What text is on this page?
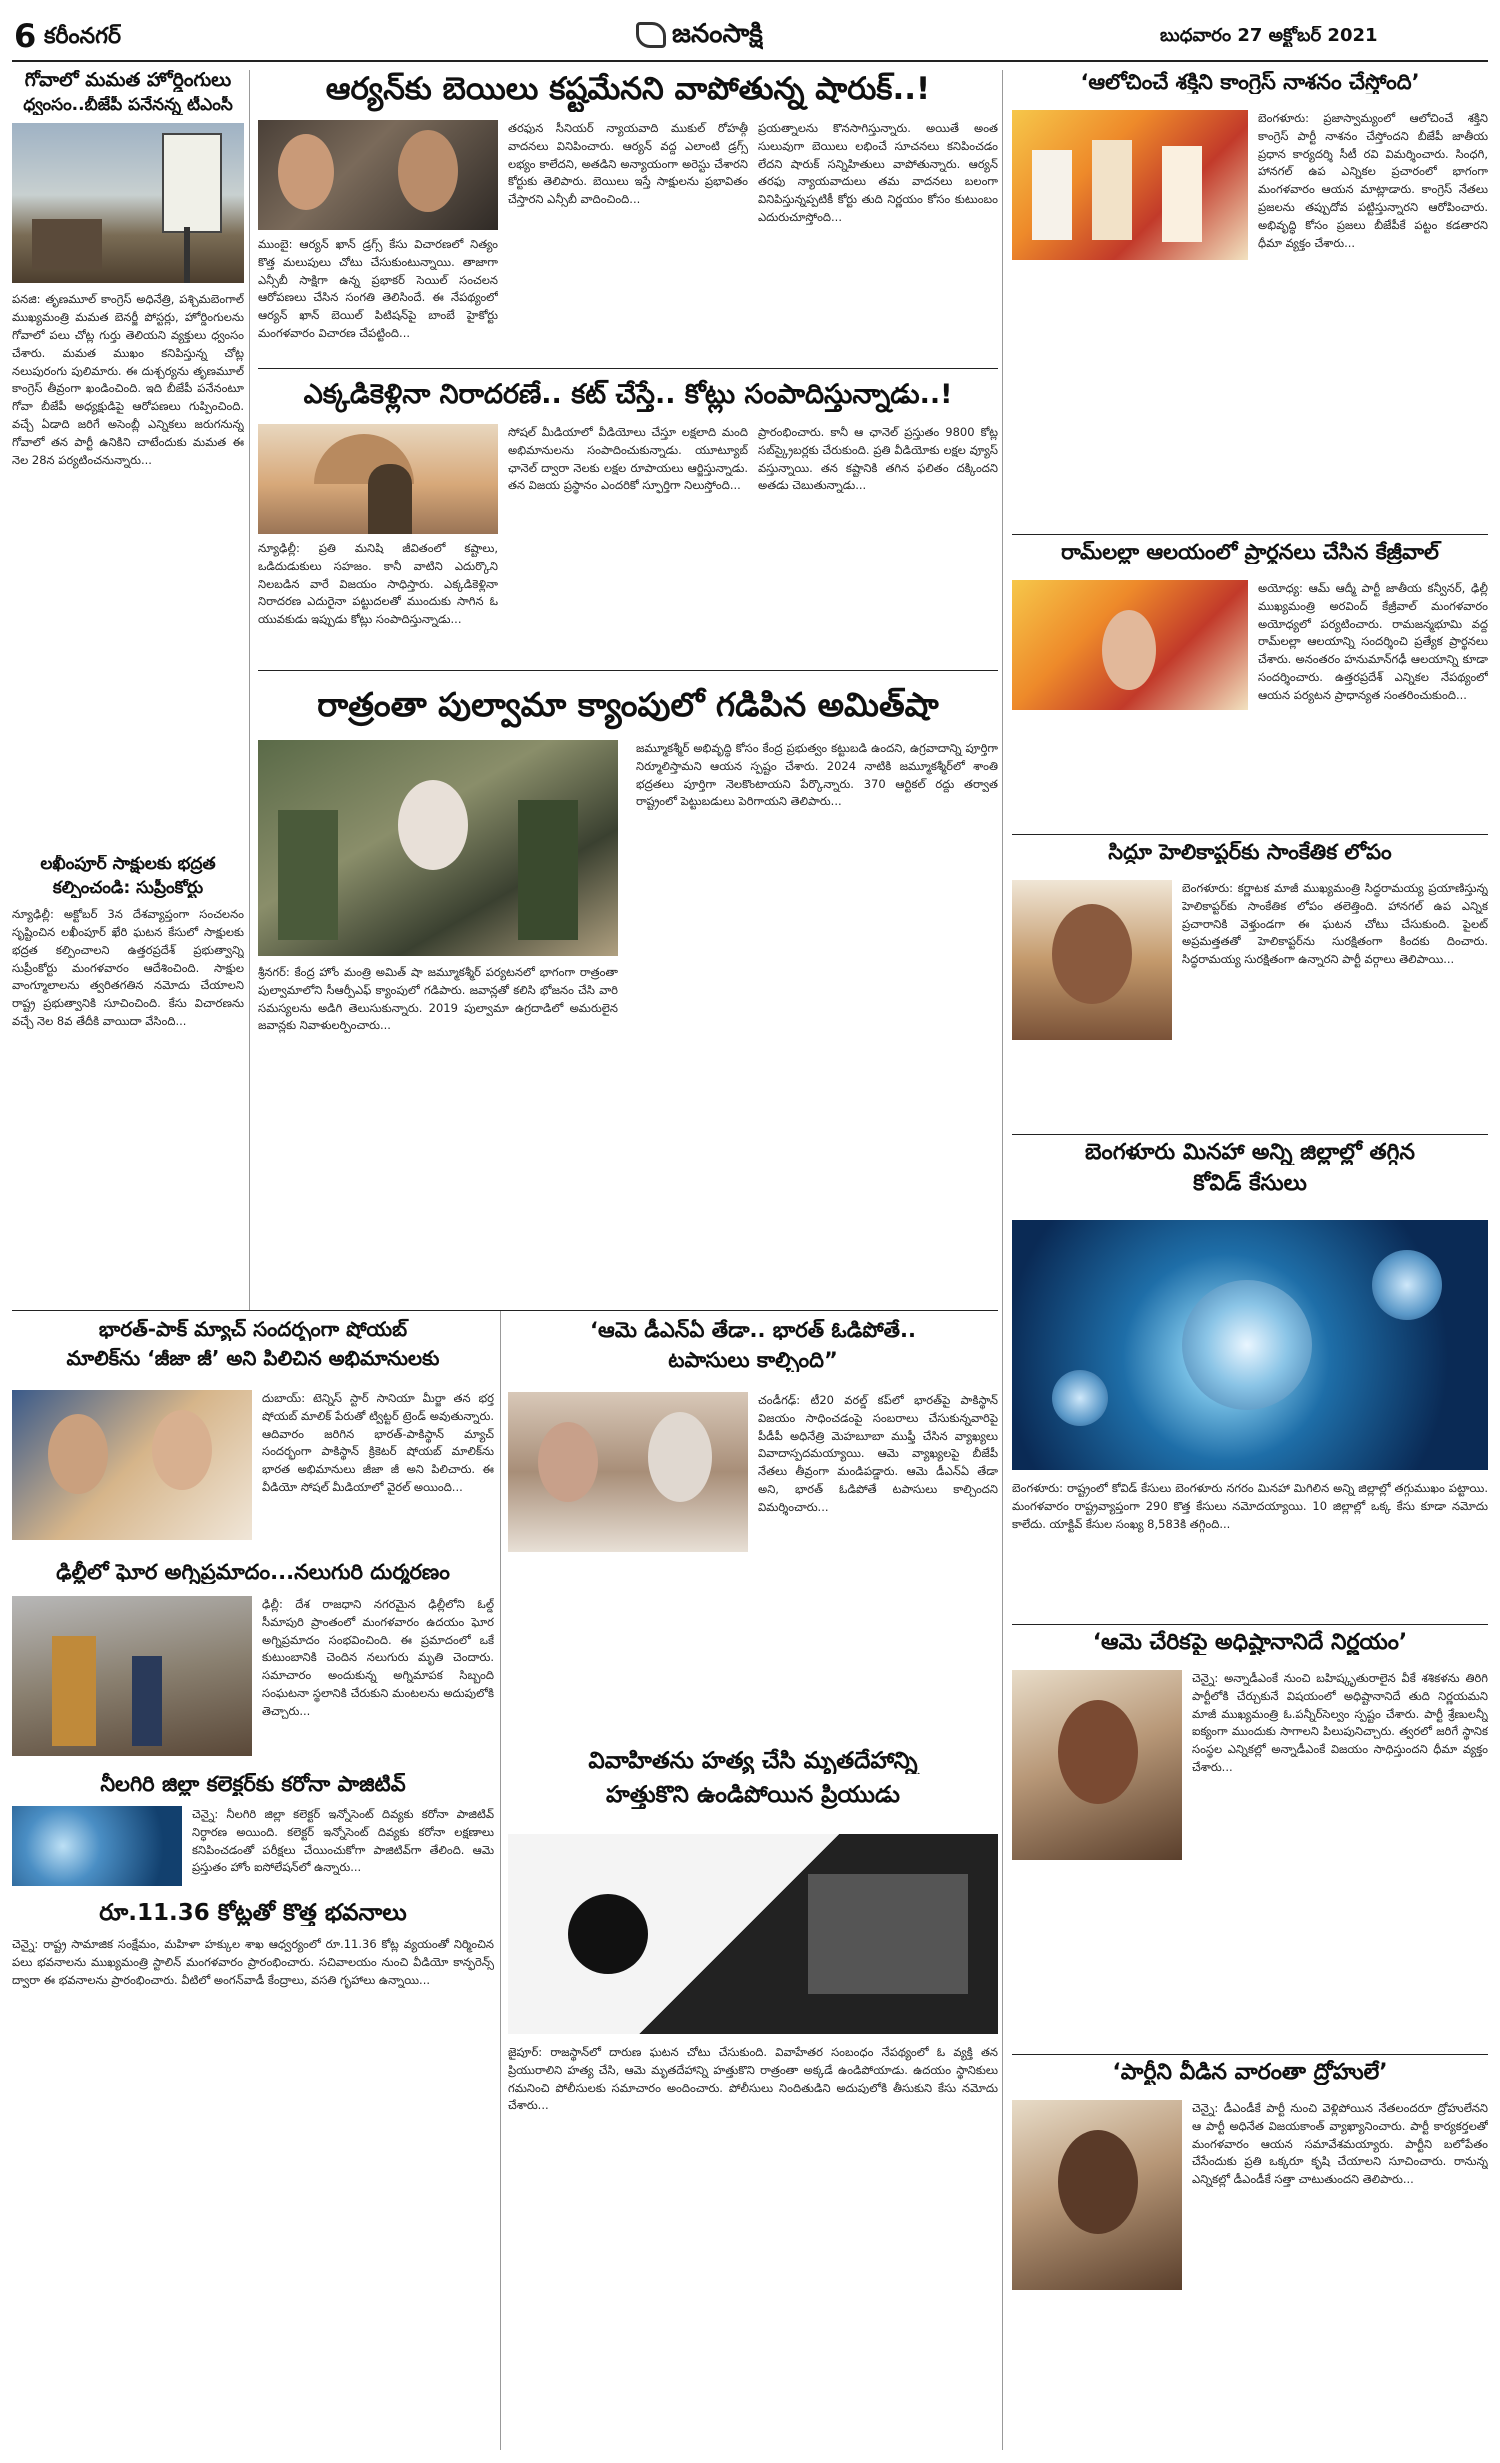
6 కరీంనగర్	జనంసాక్షి	బుధవారం 27 అక్టోబర్ 2021
గోవాలో మమత హోర్డింగులు
ధ్వంసం..బీజేపీ పనేనన్న టీఎంసీ
పనజి: తృణమూల్ కాంగ్రెస్ అధినేత్రి, పశ్చిమబెంగాల్ ముఖ్యమంత్రి మమత బెనర్జీ పోస్టర్లు, హోర్డింగులను గోవాలో పలు చోట్ల గుర్తు తెలియని వ్యక్తులు ధ్వంసం చేశారు. మమత ముఖం కనిపిస్తున్న చోట్ల నలుపురంగు పులిమారు. ఈ దుశ్చర్యను తృణమూల్ కాంగ్రెస్ తీవ్రంగా ఖండించింది. ఇది బీజేపీ పనేనంటూ గోవా బీజేపీ అధ్యక్షుడిపై ఆరోపణలు గుప్పించింది. వచ్చే ఏడాది జరిగే అసెంబ్లీ ఎన్నికలు జరుగనున్న గోవాలో తన పార్టీ ఉనికిని చాటేందుకు మమత ఈ నెల 28న పర్యటించనున్నారు...
లఖీంపూర్ సాక్షులకు భద్రత
కల్పించండి: సుప్రీంకోర్టు
న్యూఢిల్లీ: అక్టోబర్ 3న దేశవ్యాప్తంగా సంచలనం సృష్టించిన లఖీంపూర్ ఖేరి ఘటన కేసులో సాక్షులకు భద్రత కల్పించాలని ఉత్తరప్రదేశ్ ప్రభుత్వాన్ని సుప్రీంకోర్టు మంగళవారం ఆదేశించింది. సాక్షుల వాంగ్మూలాలను త్వరితగతిన నమోదు చేయాలని రాష్ట్ర ప్రభుత్వానికి సూచించింది. కేసు విచారణను వచ్చే నెల 8వ తేదీకి వాయిదా వేసింది...
ఆర్యన్‌కు బెయిలు కష్టమేనని వాపోతున్న షారుక్..!
ముంబై: ఆర్యన్ ఖాన్ డ్రగ్స్ కేసు విచారణలో నిత్యం కొత్త మలుపులు చోటు చేసుకుంటున్నాయి. తాజాగా ఎన్సీబీ సాక్షిగా ఉన్న ప్రభాకర్ సెయిల్ సంచలన ఆరోపణలు చేసిన సంగతి తెలిసిందే. ఈ నేపథ్యంలో ఆర్యన్ ఖాన్ బెయిల్ పిటిషన్‌పై బాంబే హైకోర్టు మంగళవారం విచారణ చేపట్టింది...
తరఫున సీనియర్ న్యాయవాది ముకుల్ రోహత్గీ వాదనలు వినిపించారు. ఆర్యన్ వద్ద ఎలాంటి డ్రగ్స్ లభ్యం కాలేదని, అతడిని అన్యాయంగా అరెస్టు చేశారని కోర్టుకు తెలిపారు. బెయిలు ఇస్తే సాక్షులను ప్రభావితం చేస్తారని ఎన్సీబీ వాదించింది...
ప్రయత్నాలను కొనసాగిస్తున్నారు. అయితే అంత సులువుగా బెయిలు లభించే సూచనలు కనిపించడం లేదని షారుక్ సన్నిహితులు వాపోతున్నారు. ఆర్యన్ తరఫు న్యాయవాదులు తమ వాదనలు బలంగా వినిపిస్తున్నప్పటికీ కోర్టు తుది నిర్ణయం కోసం కుటుంబం ఎదురుచూస్తోంది...
ఎక్కడికెళ్లినా నిరాదరణే.. కట్ చేస్తే.. కోట్లు సంపాదిస్తున్నాడు..!
న్యూఢిల్లీ: ప్రతి మనిషి జీవితంలో కష్టాలు, ఒడిదుడుకులు సహజం. కానీ వాటిని ఎదుర్కొని నిలబడిన వారే విజయం సాధిస్తారు. ఎక్కడికెళ్లినా నిరాదరణ ఎదురైనా పట్టుదలతో ముందుకు సాగిన ఓ యువకుడు ఇప్పుడు కోట్లు సంపాదిస్తున్నాడు...
సోషల్ మీడియాలో వీడియోలు చేస్తూ లక్షలాది మంది అభిమానులను సంపాదించుకున్నాడు. యూట్యూబ్ ఛానెల్ ద్వారా నెలకు లక్షల రూపాయలు ఆర్జిస్తున్నాడు. తన విజయ ప్రస్థానం ఎందరికో స్ఫూర్తిగా నిలుస్తోంది...
ప్రారంభించారు. కానీ ఆ ఛానెల్ ప్రస్తుతం 9800 కోట్ల సబ్‌స్క్రైబర్లకు చేరుకుంది. ప్రతి వీడియోకు లక్షల వ్యూస్ వస్తున్నాయి. తన కష్టానికి తగిన ఫలితం దక్కిందని అతడు చెబుతున్నాడు...
రాత్రంతా పుల్వామా క్యాంపులో గడిపిన అమిత్‌షా
శ్రీనగర్: కేంద్ర హోం మంత్రి అమిత్ షా జమ్మూకశ్మీర్ పర్యటనలో భాగంగా రాత్రంతా పుల్వామాలోని సీఆర్పీఎఫ్ క్యాంపులో గడిపారు. జవాన్లతో కలిసి భోజనం చేసి వారి సమస్యలను అడిగి తెలుసుకున్నారు. 2019 పుల్వామా ఉగ్రదాడిలో అమరులైన జవాన్లకు నివాళులర్పించారు...
జమ్మూకశ్మీర్ అభివృద్ధి కోసం కేంద్ర ప్రభుత్వం కట్టుబడి ఉందని, ఉగ్రవాదాన్ని పూర్తిగా నిర్మూలిస్తామని ఆయన స్పష్టం చేశారు. 2024 నాటికి జమ్మూకశ్మీర్‌లో శాంతి భద్రతలు పూర్తిగా నెలకొంటాయని పేర్కొన్నారు. 370 ఆర్టికల్ రద్దు తర్వాత రాష్ట్రంలో పెట్టుబడులు పెరిగాయని తెలిపారు...
భారత్-పాక్ మ్యాచ్ సందర్భంగా షోయబ్
మాలిక్‌ను ‘జీజా జీ’ అని పిలిచిన అభిమానులకు
దుబాయ్: టెన్నిస్ స్టార్ సానియా మీర్జా తన భర్త షోయబ్ మాలిక్ పేరుతో ట్విట్టర్ ట్రెండ్ అవుతున్నారు. ఆదివారం జరిగిన భారత్-పాకిస్థాన్ మ్యాచ్ సందర్భంగా పాకిస్థాన్ క్రికెటర్ షోయబ్ మాలిక్‌ను భారత అభిమానులు జీజా జీ అని పిలిచారు. ఈ వీడియో సోషల్ మీడియాలో వైరల్ అయింది...
ఢిల్లీలో ఘోర అగ్నిప్రమాదం...నలుగురి దుర్మరణం
ఢిల్లీ: దేశ రాజధాని నగరమైన ఢిల్లీలోని ఓల్డ్ సీమాపురి ప్రాంతంలో మంగళవారం ఉదయం ఘోర అగ్నిప్రమాదం సంభవించింది. ఈ ప్రమాదంలో ఒకే కుటుంబానికి చెందిన నలుగురు మృతి చెందారు. సమాచారం అందుకున్న అగ్నిమాపక సిబ్బంది సంఘటనా స్థలానికి చేరుకుని మంటలను అదుపులోకి తెచ్చారు...
నీలగిరి జిల్లా కలెక్టర్‌కు కరోనా పాజిటివ్
చెన్నై: నీలగిరి జిల్లా కలెక్టర్ ఇన్నోసెంట్ దివ్యకు కరోనా పాజిటివ్ నిర్ధారణ అయింది. కలెక్టర్ ఇన్నోసెంట్ దివ్యకు కరోనా లక్షణాలు కనిపించడంతో పరీక్షలు చేయించుకోగా పాజిటివ్‌గా తేలింది. ఆమె ప్రస్తుతం హోం ఐసోలేషన్‌లో ఉన్నారు...
రూ.11.36 కోట్లతో కొత్త భవనాలు
చెన్నై: రాష్ట్ర సామాజిక సంక్షేమం, మహిళా హక్కుల శాఖ ఆధ్వర్యంలో రూ.11.36 కోట్ల వ్యయంతో నిర్మించిన పలు భవనాలను ముఖ్యమంత్రి స్టాలిన్ మంగళవారం ప్రారంభించారు. సచివాలయం నుంచి వీడియో కాన్ఫరెన్స్ ద్వారా ఈ భవనాలను ప్రారంభించారు. వీటిలో అంగన్‌వాడీ కేంద్రాలు, వసతి గృహాలు ఉన్నాయి...
‘ఆమె డీఎన్ఏ తేడా.. భారత్ ఓడిపోతే..
టపాసులు కాల్చింది”
చండీగఢ్: టీ20 వరల్డ్ కప్‌లో భారత్‌పై పాకిస్థాన్ విజయం సాధించడంపై సంబరాలు చేసుకున్నవారిపై పీడీపీ అధినేత్రి మెహబూబా ముఫ్తీ చేసిన వ్యాఖ్యలు వివాదాస్పదమయ్యాయి. ఆమె వ్యాఖ్యలపై బీజేపీ నేతలు తీవ్రంగా మండిపడ్డారు. ఆమె డీఎన్ఏ తేడా అని, భారత్ ఓడిపోతే టపాసులు కాల్చిందని విమర్శించారు...
వివాహితను హత్య చేసి మృతదేహాన్ని
హత్తుకొని ఉండిపోయిన ప్రియుడు
జైపూర్: రాజస్థాన్‌లో దారుణ ఘటన చోటు చేసుకుంది. వివాహేతర సంబంధం నేపథ్యంలో ఓ వ్యక్తి తన ప్రియురాలిని హత్య చేసి, ఆమె మృతదేహాన్ని హత్తుకొని రాత్రంతా అక్కడే ఉండిపోయాడు. ఉదయం స్థానికులు గమనించి పోలీసులకు సమాచారం అందించారు. పోలీసులు నిందితుడిని అదుపులోకి తీసుకుని కేసు నమోదు చేశారు...
‘ఆలోచించే శక్తిని కాంగ్రెస్ నాశనం చేస్తోంది’
బెంగళూరు: ప్రజాస్వామ్యంలో ఆలోచించే శక్తిని కాంగ్రెస్ పార్టీ నాశనం చేస్తోందని బీజేపీ జాతీయ ప్రధాన కార్యదర్శి సీటీ రవి విమర్శించారు. సింధగి, హానగల్ ఉప ఎన్నికల ప్రచారంలో భాగంగా మంగళవారం ఆయన మాట్లాడారు. కాంగ్రెస్ నేతలు ప్రజలను తప్పుదోవ పట్టిస్తున్నారని ఆరోపించారు. అభివృద్ధి కోసం ప్రజలు బీజేపీకే పట్టం కడతారని ధీమా వ్యక్తం చేశారు...
రామ్‌లల్లా ఆలయంలో ప్రార్థనలు చేసిన కేజ్రీవాల్
అయోధ్య: ఆమ్ ఆద్మీ పార్టీ జాతీయ కన్వీనర్, ఢిల్లీ ముఖ్యమంత్రి అరవింద్ కేజ్రీవాల్ మంగళవారం అయోధ్యలో పర్యటించారు. రామజన్మభూమి వద్ద రామ్‌లల్లా ఆలయాన్ని సందర్శించి ప్రత్యేక ప్రార్థనలు చేశారు. అనంతరం హనుమాన్‌గఢీ ఆలయాన్ని కూడా సందర్శించారు. ఉత్తరప్రదేశ్ ఎన్నికల నేపథ్యంలో ఆయన పర్యటన ప్రాధాన్యత సంతరించుకుంది...
సిద్దూ హెలికాప్టర్‌కు సాంకేతిక లోపం
బెంగళూరు: కర్ణాటక మాజీ ముఖ్యమంత్రి సిద్ధరామయ్య ప్రయాణిస్తున్న హెలికాప్టర్‌కు సాంకేతిక లోపం తలెత్తింది. హానగల్ ఉప ఎన్నిక ప్రచారానికి వెళ్తుండగా ఈ ఘటన చోటు చేసుకుంది. పైలట్ అప్రమత్తతతో హెలికాప్టర్‌ను సురక్షితంగా కిందకు దించారు. సిద్ధరామయ్య సురక్షితంగా ఉన్నారని పార్టీ వర్గాలు తెలిపాయి...
బెంగళూరు మినహా అన్ని జిల్లాల్లో తగ్గిన
కోవిడ్ కేసులు
బెంగళూరు: రాష్ట్రంలో కోవిడ్ కేసులు బెంగళూరు నగరం మినహా మిగిలిన అన్ని జిల్లాల్లో తగ్గుముఖం పట్టాయి. మంగళవారం రాష్ట్రవ్యాప్తంగా 290 కొత్త కేసులు నమోదయ్యాయి. 10 జిల్లాల్లో ఒక్క కేసు కూడా నమోదు కాలేదు. యాక్టివ్ కేసుల సంఖ్య 8,583కి తగ్గింది...
‘ఆమె చేరికపై అధిష్టానానిదే నిర్ణయం’
చెన్నై: అన్నాడీఎంకే నుంచి బహిష్కృతురాలైన వీకే శశికళను తిరిగి పార్టీలోకి చేర్చుకునే విషయంలో అధిష్టానానిదే తుది నిర్ణయమని మాజీ ముఖ్యమంత్రి ఓ.పన్నీర్‌సెల్వం స్పష్టం చేశారు. పార్టీ శ్రేణులన్నీ ఐక్యంగా ముందుకు సాగాలని పిలుపునిచ్చారు. త్వరలో జరిగే స్థానిక సంస్థల ఎన్నికల్లో అన్నాడీఎంకే విజయం సాధిస్తుందని ధీమా వ్యక్తం చేశారు...
‘పార్టీని వీడిన వారంతా ద్రోహులే’
చెన్నై: డీఎండీకే పార్టీ నుంచి వెళ్లిపోయిన నేతలందరూ ద్రోహులేనని ఆ పార్టీ అధినేత విజయకాంత్ వ్యాఖ్యానించారు. పార్టీ కార్యకర్తలతో మంగళవారం ఆయన సమావేశమయ్యారు. పార్టీని బలోపేతం చేసేందుకు ప్రతి ఒక్కరూ కృషి చేయాలని సూచించారు. రానున్న ఎన్నికల్లో డీఎండీకే సత్తా చాటుతుందని తెలిపారు...
